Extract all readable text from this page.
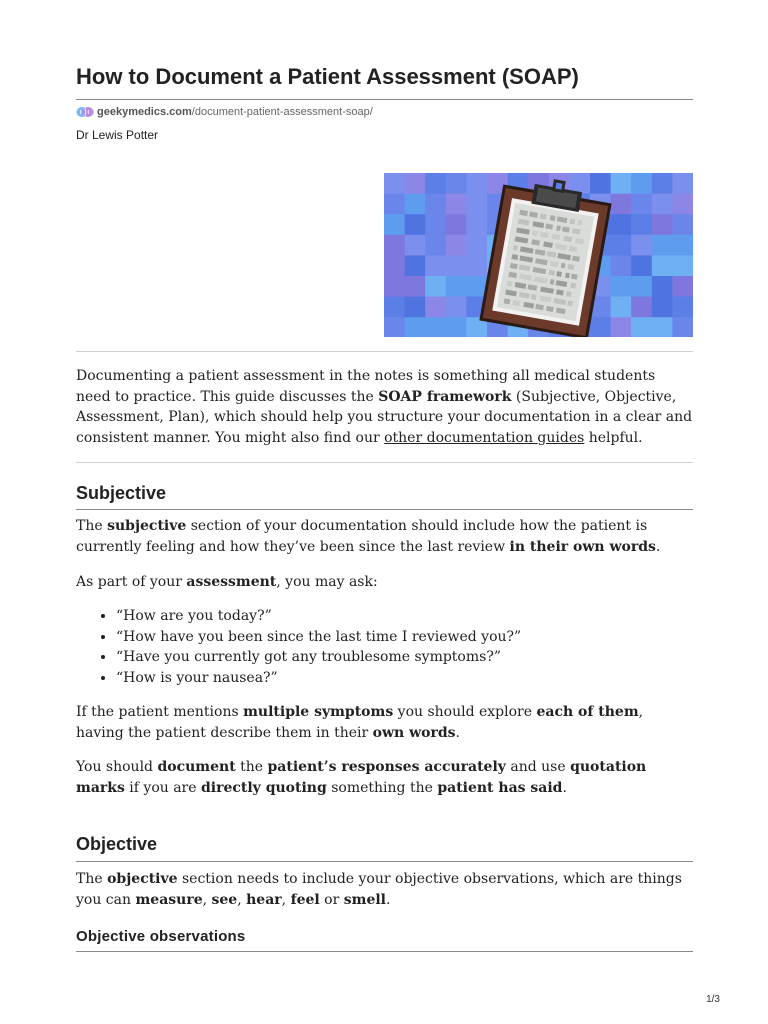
How to Document a Patient Assessment (SOAP)
geekymedics.com /document-patient-assessment-soap/
Dr Lewis Potter

Documenting a patient assessment in the notes is something all medical students need to practice. This guide discusses the SOAP framework (Subjective, Objective, Assessment, Plan), which should help you structure your documentation in a clear and consistent manner. You might also find our other documentation guides helpful.

Subjective

The subjective section of your documentation should include how the patient is currently feeling and how they’ve been since the last review in their own words.

As part of your assessment, you may ask:

• “How are you today?”
• “How have you been since the last time I reviewed you?”
• “Have you currently got any troublesome symptoms?”
• “How is your nausea?”

If the patient mentions multiple symptoms you should explore each of them, having the patient describe them in their own words.

You should document the patient’s responses accurately and use quotation marks if you are directly quoting something the patient has said.

Objective

The objective section needs to include your objective observations, which are things you can measure, see, hear, feel or smell.

Objective observations
1/3
